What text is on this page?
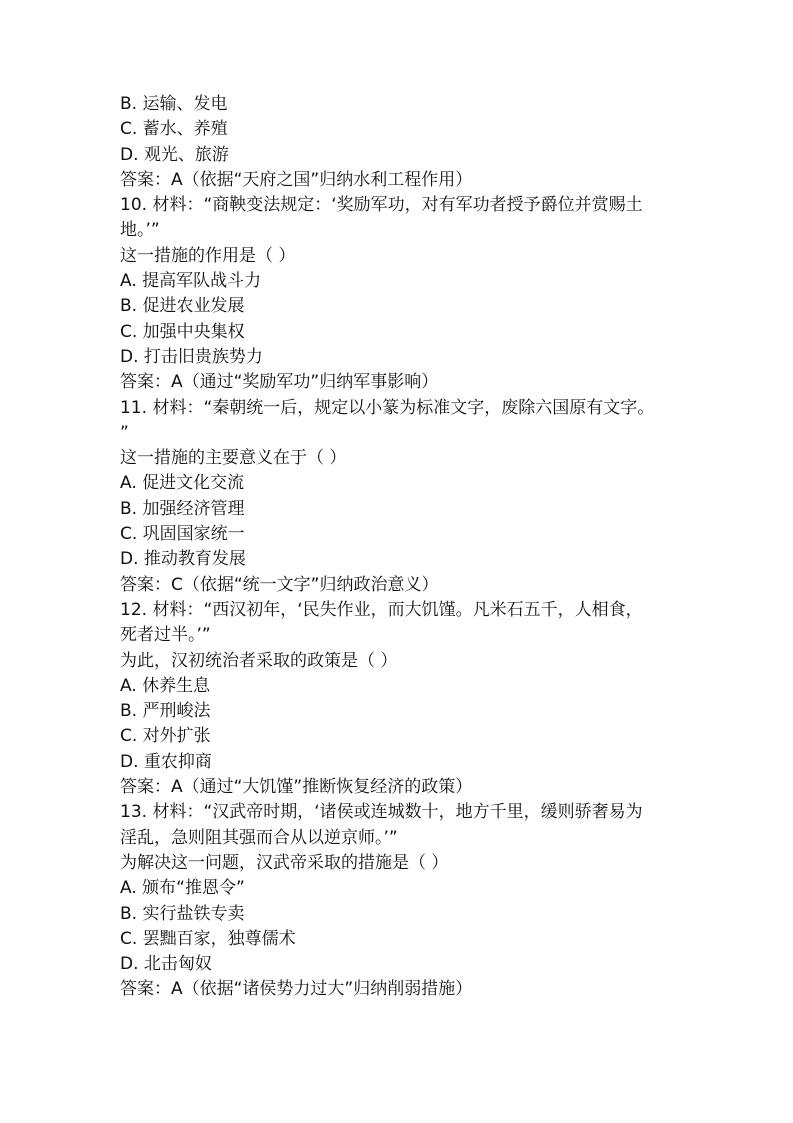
B. 运输、发电
C. 蓄水、养殖
D. 观光、旅游
答案：A（依据“天府之国”归纳水利工程作用）
10. 材料：“商鞅变法规定：‘奖励军功，对有军功者授予爵位并赏赐土
地。’”
这一措施的作用是（ ）
A. 提高军队战斗力
B. 促进农业发展
C. 加强中央集权
D. 打击旧贵族势力
答案：A（通过“奖励军功”归纳军事影响）
11. 材料：“秦朝统一后，规定以小篆为标准文字，废除六国原有文字。
”
这一措施的主要意义在于（ ）
A. 促进文化交流
B. 加强经济管理
C. 巩固国家统一
D. 推动教育发展
答案：C（依据“统一文字”归纳政治意义）
12. 材料：“西汉初年，‘民失作业，而大饥馑。凡米石五千，人相食，
死者过半。’”
为此，汉初统治者采取的政策是（ ）
A. 休养生息
B. 严刑峻法
C. 对外扩张
D. 重农抑商
答案：A（通过“大饥馑”推断恢复经济的政策）
13. 材料：“汉武帝时期，‘诸侯或连城数十，地方千里，缓则骄奢易为
淫乱，急则阻其强而合从以逆京师。’”
为解决这一问题，汉武帝采取的措施是（ ）
A. 颁布“推恩令”
B. 实行盐铁专卖
C. 罢黜百家，独尊儒术
D. 北击匈奴
答案：A（依据“诸侯势力过大”归纳削弱措施）
